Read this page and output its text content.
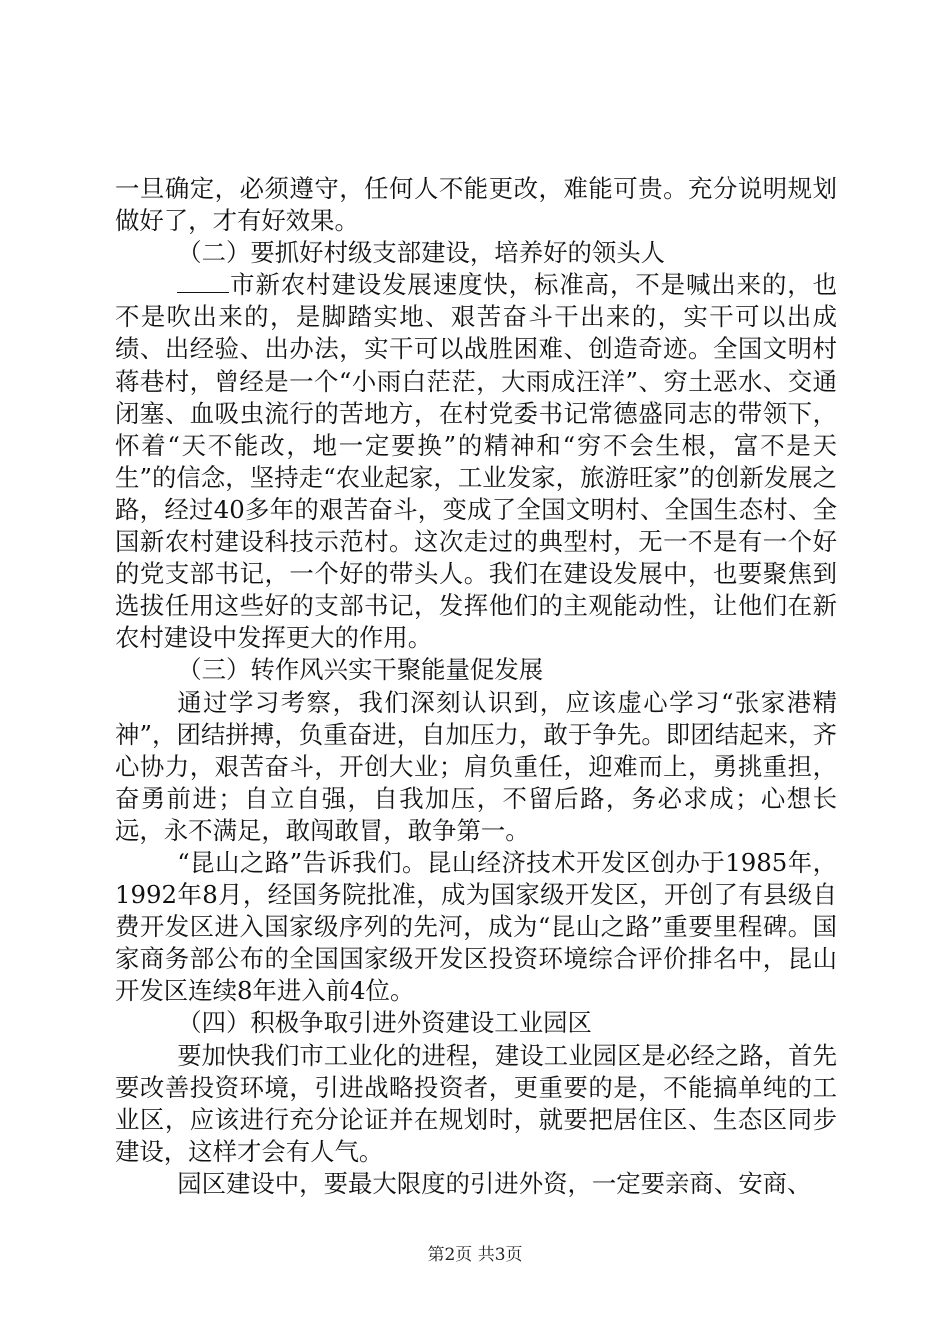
一旦确定，必须遵守，任何人不能更改，难能可贵。充分说明规划做好了，才有好效果。

（二）要抓好村级支部建设，培养好的领头人

市新农村建设发展速度快，标准高，不是喊出来的，也不是吹出来的，是脚踏实地、艰苦奋斗干出来的，实干可以出成绩、出经验、出办法，实干可以战胜困难、创造奇迹。全国文明村蒋巷村，曾经是一个“小雨白茫茫，大雨成汪洋”、穷土恶水、交通闭塞、血吸虫流行的苦地方，在村党委书记常德盛同志的带领下，怀着“天不能改，地一定要换”的精神和“穷不会生根，富不是天生”的信念，坚持走“农业起家，工业发家，旅游旺家”的创新发展之路，经过40多年的艰苦奋斗，变成了全国文明村、全国生态村、全国新农村建设科技示范村。这次走过的典型村，无一不是有一个好的党支部书记，一个好的带头人。我们在建设发展中，也要聚焦到选拔任用这些好的支部书记，发挥他们的主观能动性，让他们在新农村建设中发挥更大的作用。

（三）转作风兴实干聚能量促发展

通过学习考察，我们深刻认识到，应该虚心学习“张家港精神”，团结拼搏，负重奋进，自加压力，敢于争先。即团结起来，齐心协力，艰苦奋斗，开创大业；肩负重任，迎难而上，勇挑重担，奋勇前进；自立自强，自我加压，不留后路，务必求成；心想长远，永不满足，敢闯敢冒，敢争第一。

“昆山之路”告诉我们。昆山经济技术开发区创办于1985年，1992年8月，经国务院批准，成为国家级开发区，开创了有县级自费开发区进入国家级序列的先河，成为“昆山之路”重要里程碑。国家商务部公布的全国国家级开发区投资环境综合评价排名中，昆山开发区连续8年进入前4位。

（四）积极争取引进外资建设工业园区

要加快我们市工业化的进程，建设工业园区是必经之路，首先要改善投资环境，引进战略投资者，更重要的是，不能搞单纯的工业区，应该进行充分论证并在规划时，就要把居住区、生态区同步建设，这样才会有人气。

园区建设中，要最大限度的引进外资，一定要亲商、安商、

第2页 共3页
